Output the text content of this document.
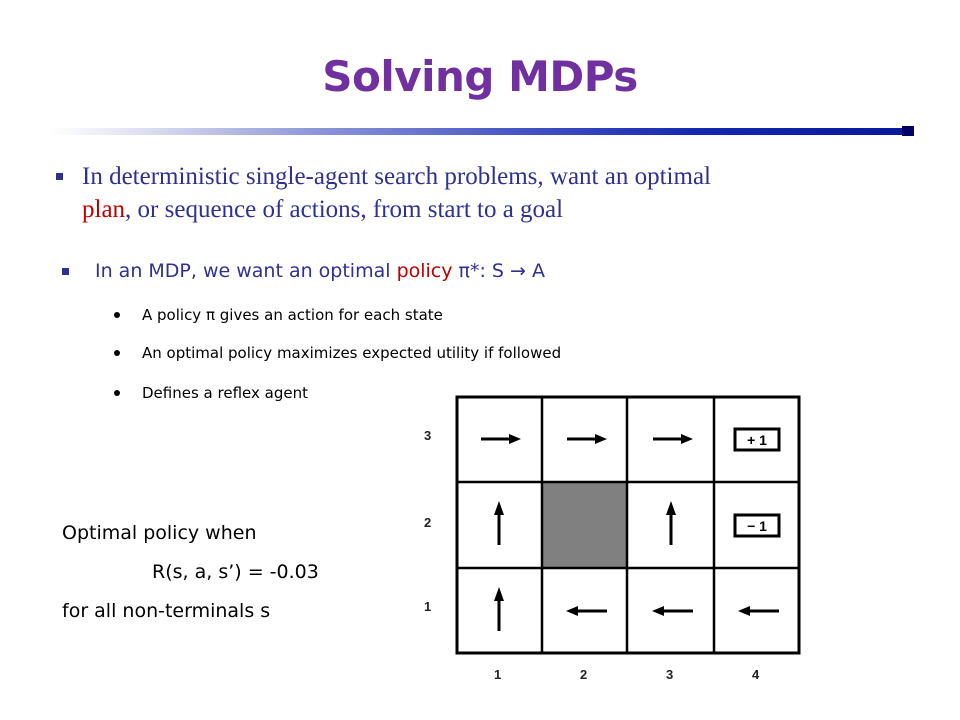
Solving MDPs
In deterministic single-agent search problems, want an optimal
plan, or sequence of actions, from start to a goal
In an MDP, we want an optimal policy π*: S → A
A policy π gives an action for each state
An optimal policy maximizes expected utility if followed
Defines a reflex agent
Optimal policy when
R(s, a, s’) = -0.03
for all non-terminals s
3
2
1
1	2	3	4
+ 1
− 1
